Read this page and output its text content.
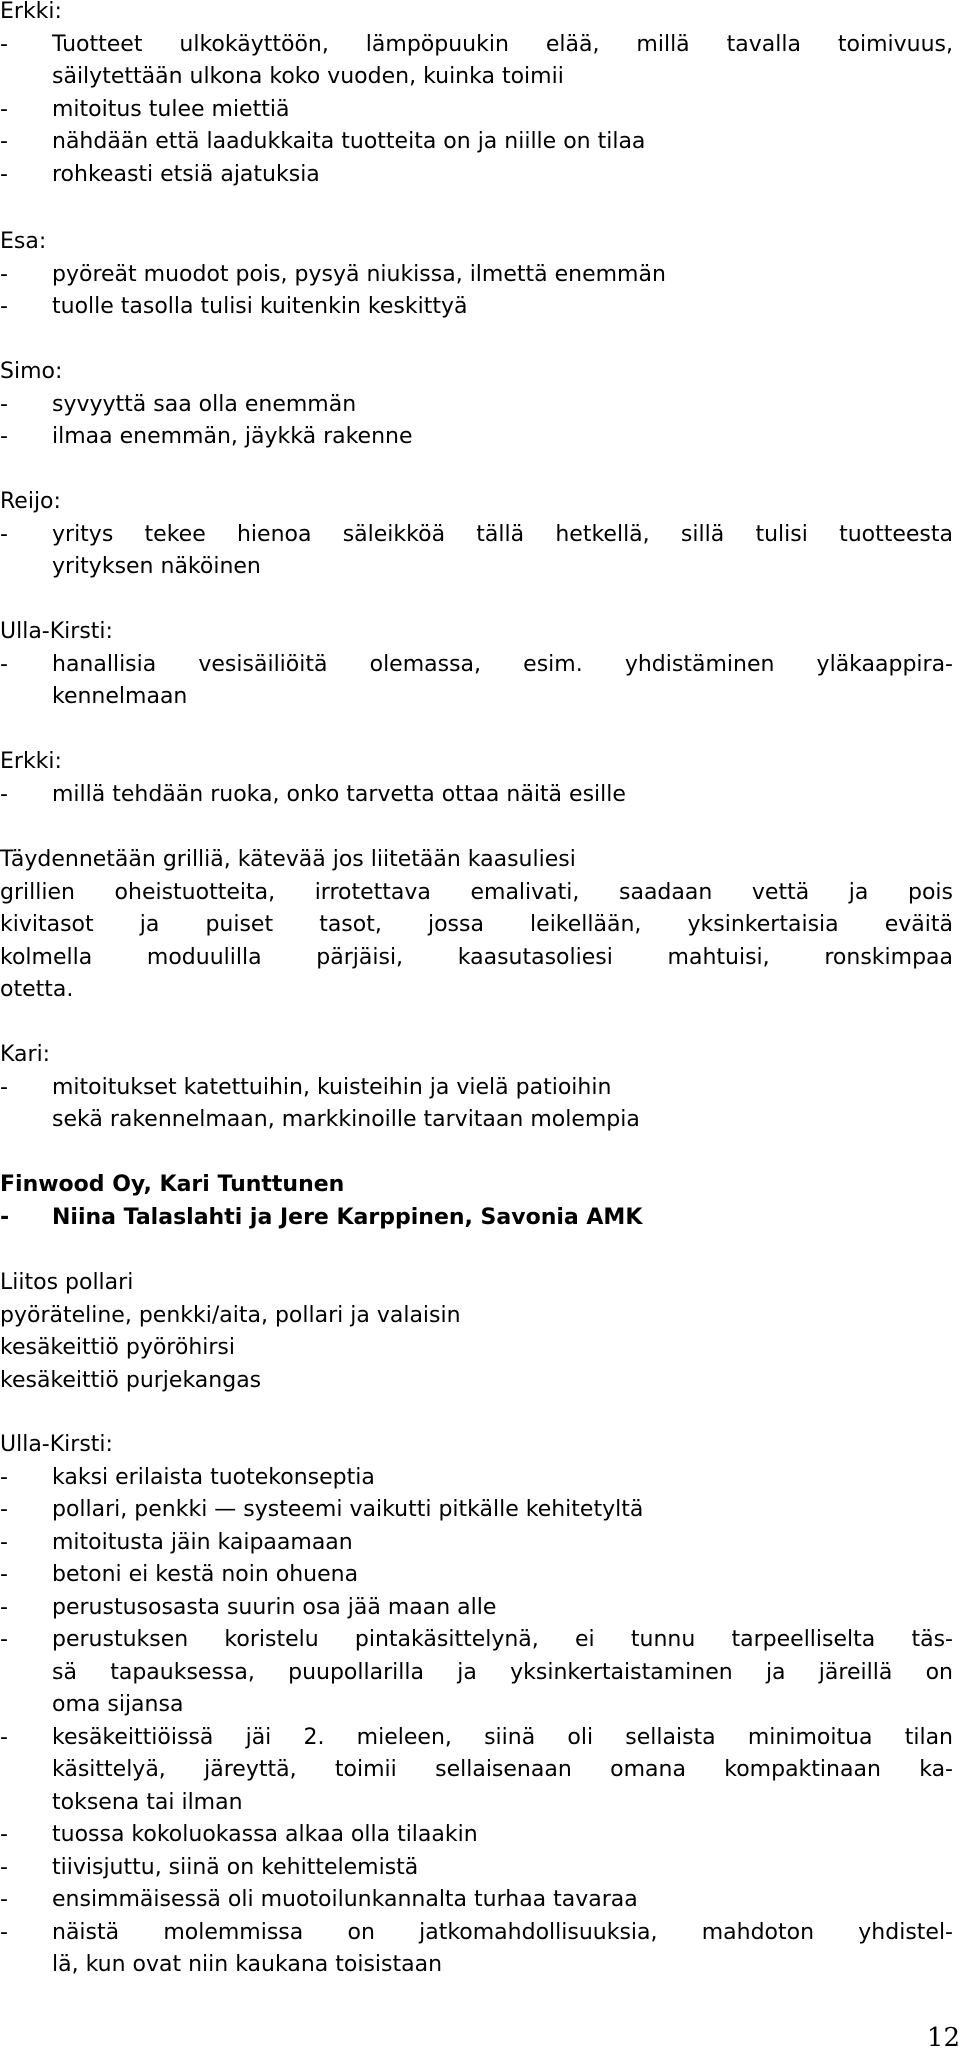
Erkki:
- Tuotteet ulkokäyttöön, lämpöpuukin elää, millä tavalla toimivuus,
säilytettään ulkona koko vuoden, kuinka toimii
- mitoitus tulee miettiä
- nähdään että laadukkaita tuotteita on ja niille on tilaa
- rohkeasti etsiä ajatuksia
Esa:
- pyöreät muodot pois, pysyä niukissa, ilmettä enemmän
- tuolle tasolla tulisi kuitenkin keskittyä
Simo:
- syvyyttä saa olla enemmän
- ilmaa enemmän, jäykkä rakenne
Reijo:
- yritys tekee hienoa säleikköä tällä hetkellä, sillä tulisi tuotteesta
yrityksen näköinen
Ulla-Kirsti:
- hanallisia vesisäiliöitä olemassa, esim. yhdistäminen yläkaappira-
kennelmaan
Erkki:
- millä tehdään ruoka, onko tarvetta ottaa näitä esille
Täydennetään grilliä, kätevää jos liitetään kaasuliesi
grillien oheistuotteita, irrotettava emalivati, saadaan vettä ja pois
kivitasot ja puiset tasot, jossa leikellään, yksinkertaisia eväitä
kolmella moduulilla pärjäisi, kaasutasoliesi mahtuisi, ronskimpaa
otetta.
Kari:
- mitoitukset katettuihin, kuisteihin ja vielä patioihin
sekä rakennelmaan, markkinoille tarvitaan molempia
Finwood Oy, Kari Tunttunen
- Niina Talaslahti ja Jere Karppinen, Savonia AMK
Liitos pollari
pyöräteline, penkki/aita, pollari ja valaisin
kesäkeittiö pyöröhirsi
kesäkeittiö purjekangas
Ulla-Kirsti:
- kaksi erilaista tuotekonseptia
- pollari, penkki — systeemi vaikutti pitkälle kehitetyltä
- mitoitusta jäin kaipaamaan
- betoni ei kestä noin ohuena
- perustusosasta suurin osa jää maan alle
- perustuksen koristelu pintakäsittelynä, ei tunnu tarpeelliselta täs-
sä tapauksessa, puupollarilla ja yksinkertaistaminen ja järeillä on
oma sijansa
- kesäkeittiöissä jäi 2. mieleen, siinä oli sellaista minimoitua tilan
käsittelyä, järeyttä, toimii sellaisenaan omana kompaktinaan ka-
toksena tai ilman
- tuossa kokoluokassa alkaa olla tilaakin
- tiivisjuttu, siinä on kehittelemistä
- ensimmäisessä oli muotoilunkannalta turhaa tavaraa
- näistä molemmissa on jatkomahdollisuuksia, mahdoton yhdistel-
lä, kun ovat niin kaukana toisistaan
12
